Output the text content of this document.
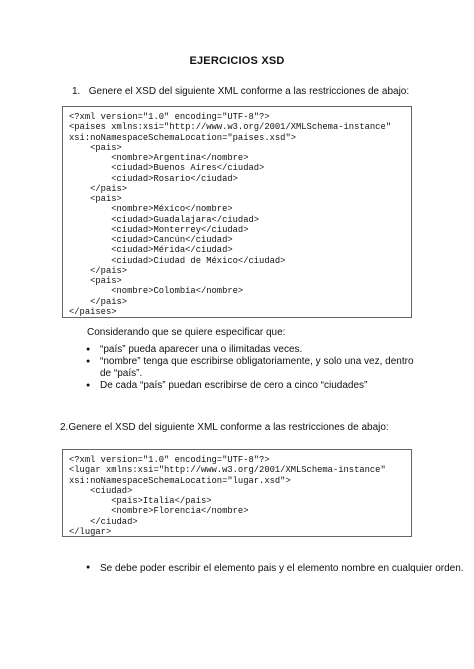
EJERCICIOS XSD
1. Genere el XSD del siguiente XML conforme a las restricciones de abajo:
<?xml version="1.0" encoding="UTF-8"?>
<paises xmlns:xsi="http://www.w3.org/2001/XMLSchema-instance"
xsi:noNamespaceSchemaLocation="paises.xsd">
<pais>
<nombre>Argentina</nombre>
<ciudad>Buenos Aires</ciudad>
<ciudad>Rosario</ciudad>
</pais>
<pais>
<nombre>México</nombre>
<ciudad>Guadalajara</ciudad>
<ciudad>Monterrey</ciudad>
<ciudad>Cancún</ciudad>
<ciudad>Mérida</ciudad>
<ciudad>Ciudad de México</ciudad>
</pais>
<pais>
<nombre>Colombia</nombre>
</pais>
</paises>
Considerando que se quiere especificar que:
● “país” pueda aparecer una o ilimitadas veces.
● “nombre” tenga que escribirse obligatoriamente, y solo una vez, dentro de “país”.
● De cada “país” puedan escribirse de cero a cinco “ciudades”
2.Genere el XSD del siguiente XML conforme a las restricciones de abajo:
<?xml version="1.0" encoding="UTF-8"?>
<lugar xmlns:xsi="http://www.w3.org/2001/XMLSchema-instance"
xsi:noNamespaceSchemaLocation="lugar.xsd">
<ciudad>
<pais>Italia</pais>
<nombre>Florencia</nombre>
</ciudad>
</lugar>
● Se debe poder escribir el elemento pais y el elemento nombre en cualquier orden.
